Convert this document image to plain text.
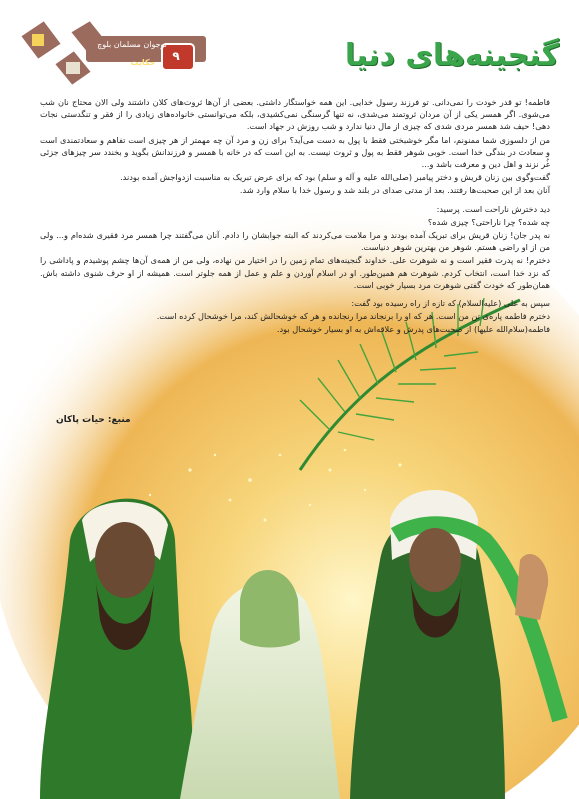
۹
نوجوان مسلمان بلوچ
حکایت	گنجینه‌های دنیا

فاطمه! تو قدر خودت را نمی‌دانی. تو فرزند رسول خدایی. این همه خواستگار داشتی. بعضی از آن‌ها ثروت‌های کلان داشتند ولی الان محتاج نان شب می‌شوی. اگر همسر یکی از آن مردان ثروتمند می‌شدی، نه تنها گرسنگی نمی‌کشیدی، بلکه می‌توانستی خانواده‌های زیادی را از فقر و تنگدستی نجات دهی! حیف شد همسر مردی شدی که چیزی از مال دنیا ندارد و شب روزش در جهاد است.

من از دلسوزی شما ممنونم، اما مگر خوشبختی فقط با پول به دست می‌آید؟ برای زن و مرد آن چه مهمتر از هر چیزی است تفاهم و سعادتمندی است و سعادت در بندگی خدا است. خوبی شوهر فقط به پول و ثروت نیست. به این است که در خانه با همسر و فرزندانش بگوید و بخندد سر چیزهای جزئی غُر نزند و اهل دین و معرفت باشد و...

گفت‌وگوی بین زنان قریش و دختر پیامبر (صلی‌الله علیه و آله و سلم) بود که برای عرض تبریک به مناسبت ازدواجش آمده بودند.

آنان بعد از این صحبت‌ها رفتند. بعد از مدتی صدای در بلند شد و رسول خدا با سلام وارد شد.

دید دخترش ناراحت است. پرسید:

چه شده؟ چرا ناراحتی؟ چیزی شده؟

نه پدر جان! زنان قریش برای تبریک آمده بودند و مرا ملامت می‌کردند که البته جوابشان را دادم. آنان می‌گفتند چرا همسر مرد فقیری شده‌ام و... ولی من از او راضی هستم. شوهر من بهترین شوهر دنیاست.

دخترم! نه پدرت فقیر است و نه شوهرت علی. خداوند گنجینه‌های تمام زمین را در اختیار من نهاده، ولی من از همه‌ی آن‌ها چشم پوشیدم و پاداشی را که نزد خدا است، انتخاب کردم. شوهرت هم همین‌طور. او در اسلام آوردن و علم و عمل از همه جلوتر است. همیشه از او حرف شنوی داشته باش. همان‌طور که خودت گفتی شوهرت مرد بسیار خوبی است.

سپس به علی (علیه‌السلام) که تازه از راه رسیده بود گفت:

دخترم فاطمه پاره‌ی تن من است. هر که او را برنجاند مرا رنجانده و هر که خوشحالش کند، مرا خوشحال کرده است.

فاطمه(سلام‌الله علیها) از صحبت‌های پدرش و علاقه‌اش به او بسیار خوشحال بود.

منبع: حیات پاکان
